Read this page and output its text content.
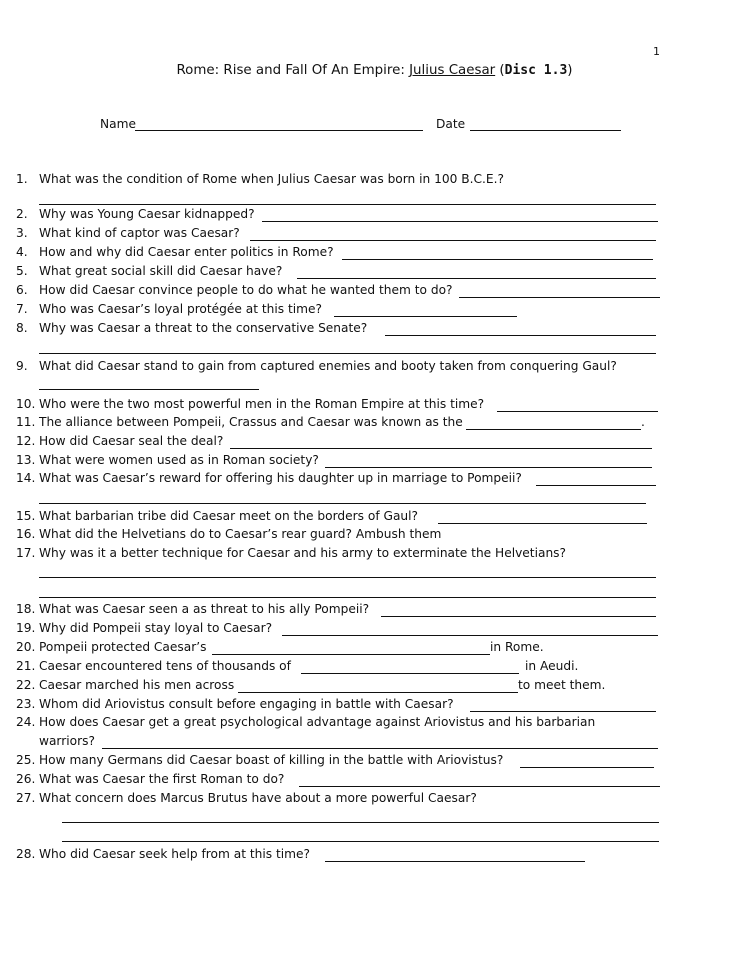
1
Rome: Rise and Fall Of An Empire: Julius Caesar (Disc 1.3)
Name	Date
1. What was the condition of Rome when Julius Caesar was born in 100 B.C.E.?
2. Why was Young Caesar kidnapped?
3. What kind of captor was Caesar?
4. How and why did Caesar enter politics in Rome?
5. What great social skill did Caesar have?
6. How did Caesar convince people to do what he wanted them to do?
7. Who was Caesar’s loyal protégée at this time?
8. Why was Caesar a threat to the conservative Senate?
9. What did Caesar stand to gain from captured enemies and booty taken from conquering Gaul?
10. Who were the two most powerful men in the Roman Empire at this time?
11. The alliance between Pompeii, Crassus and Caesar was known as the	.
12. How did Caesar seal the deal?
13. What were women used as in Roman society?
14. What was Caesar’s reward for offering his daughter up in marriage to Pompeii?
15. What barbarian tribe did Caesar meet on the borders of Gaul?
16. What did the Helvetians do to Caesar’s rear guard? Ambush them
17. Why was it a better technique for Caesar and his army to exterminate the Helvetians?
18. What was Caesar seen a as threat to his ally Pompeii?
19. Why did Pompeii stay loyal to Caesar?
20. Pompeii protected Caesar’s	in Rome.
21. Caesar encountered tens of thousands of	in Aeudi.
22. Caesar marched his men across	to meet them.
23. Whom did Ariovistus consult before engaging in battle with Caesar?
24. How does Caesar get a great psychological advantage against Ariovistus and his barbarian
warriors?
25. How many Germans did Caesar boast of killing in the battle with Ariovistus?
26. What was Caesar the first Roman to do?
27. What concern does Marcus Brutus have about a more powerful Caesar?
28. Who did Caesar seek help from at this time?
